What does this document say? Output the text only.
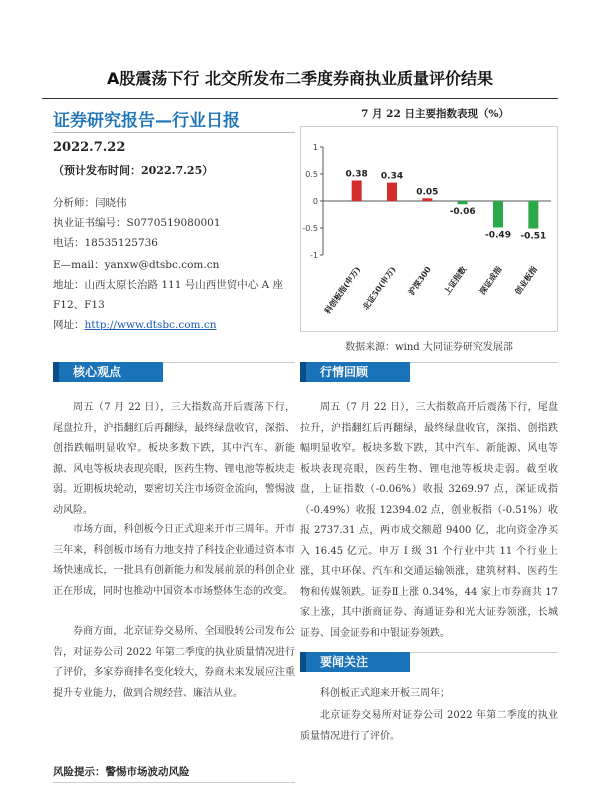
A股震荡下行 北交所发布二季度券商执业质量评价结果
证券研究报告—行业日报
2022.7.22
（预计发布时间：2022.7.25）
分析师：闫晓伟
执业证书编号：S0770519080001
电话：18535125736
E—mail：yanxw@dtsbc.com.cn
地址：山西太原长治路 111 号山西世贸中心 A 座
F12、F13
网址：http://www.dtsbc.com.cn
7 月 22 日主要指数表现（%）
1
0.5
0
-0.5
-1
0.38
科创板指(申万)
0.34
北证50(申万)
0.05
沪深300
-0.06
上证指数
-0.49
深证成指
-0.51
创业板指
数据来源：wind 大同证券研究发展部
核心观点
周五（7 月 22 日），三大指数高开后震荡下行，尾盘拉升，沪指翻红后再翻绿，最终绿盘收官，深指、创指跌幅明显收窄。板块多数下跌，其中汽车、新能源、风电等板块表现亮眼，医药生物、锂电池等板块走弱。近期板块轮动，要密切关注市场资金流向，警惕波动风险。
市场方面，科创板今日正式迎来开市三周年。开市三年来，科创板市场有力地支持了科技企业通过资本市场快速成长，一批具有创新能力和发展前景的科创企业正在形成，同时也推动中国资本市场整体生态的改变。
券商方面，北京证券交易所、全国股转公司发布公告，对证券公司 2022 年第二季度的执业质量情况进行了评价，多家券商排名变化较大，券商未来发展应注重提升专业能力，做到合规经营、廉洁从业。
风险提示：警惕市场波动风险
行情回顾
周五（7 月 22 日），三大指数高开后震荡下行，尾盘拉升，沪指翻红后再翻绿，最终绿盘收官，深指、创指跌幅明显收窄。板块多数下跌，其中汽车、新能源、风电等板块表现亮眼，医药生物、锂电池等板块走弱。截至收盘，上证指数（-0.06%）收报 3269.97 点，深证成指（-0.49%）收报 12394.02 点，创业板指（-0.51%）收报 2737.31 点，两市成交额超 9400 亿，北向资金净买入 16.45 亿元。申万 I 级 31 个行业中共 11 个行业上涨，其中环保、汽车和交通运输领涨，建筑材料、医药生物和传媒领跌。证券Ⅱ上涨 0.34%，44 家上市券商共 17 家上涨，其中浙商证券、海通证券和光大证券领涨，长城证券、国金证券和中银证券领跌。
要闻关注
科创板正式迎来开板三周年；
北京证券交易所对证券公司 2022 年第二季度的执业质量情况进行了评价。
